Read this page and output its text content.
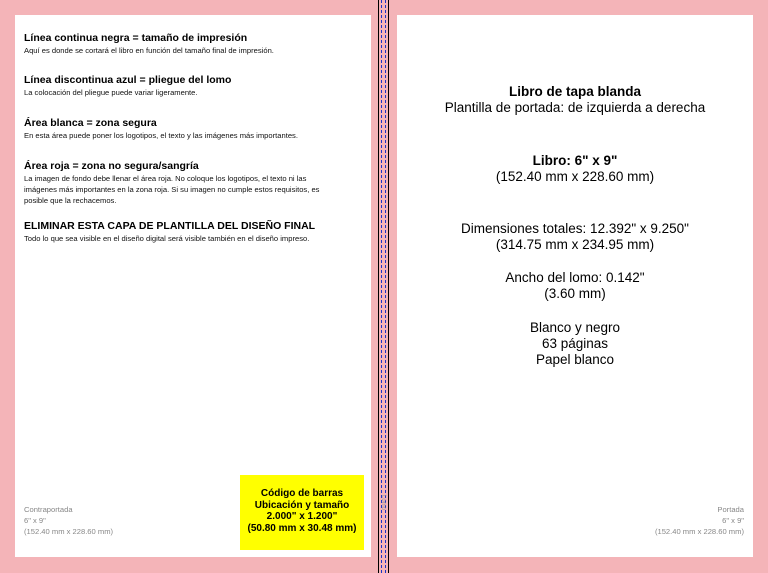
Lomo
Línea continua negra = tamaño de impresión

Aquí es donde se cortará el libro en función del tamaño final de impresión.

Línea discontinua azul = pliegue del lomo

La colocación del pliegue puede variar ligeramente.

Área blanca = zona segura

En esta área puede poner los logotipos, el texto y las imágenes más importantes.

Área roja = zona no segura/sangría

La imagen de fondo debe llenar el área roja. No coloque los logotipos, el texto ni las

imágenes más importantes en la zona roja. Si su imagen no cumple estos requisitos, es

posible que la rechacemos.

ELIMINAR ESTA CAPA DE PLANTILLA DEL DISEÑO FINAL

Todo lo que sea visible en el diseño digital será visible también en el diseño impreso.

Contraportada
6" x 9"
(152.40 mm x 228.60 mm)
Código de barras
Ubicación y tamaño
2.000" x 1.200"
(50.80 mm x 30.48 mm)
Libro de tapa blanda
Plantilla de portada: de izquierda a derecha
Libro: 6" x 9"
(152.40 mm x 228.60 mm)
Dimensiones totales: 12.392" x 9.250"
(314.75 mm x 234.95 mm)
Ancho del lomo: 0.142"
(3.60 mm)
Blanco y negro
63 páginas
Papel blanco
Portada
6" x 9"
(152.40 mm x 228.60 mm)
